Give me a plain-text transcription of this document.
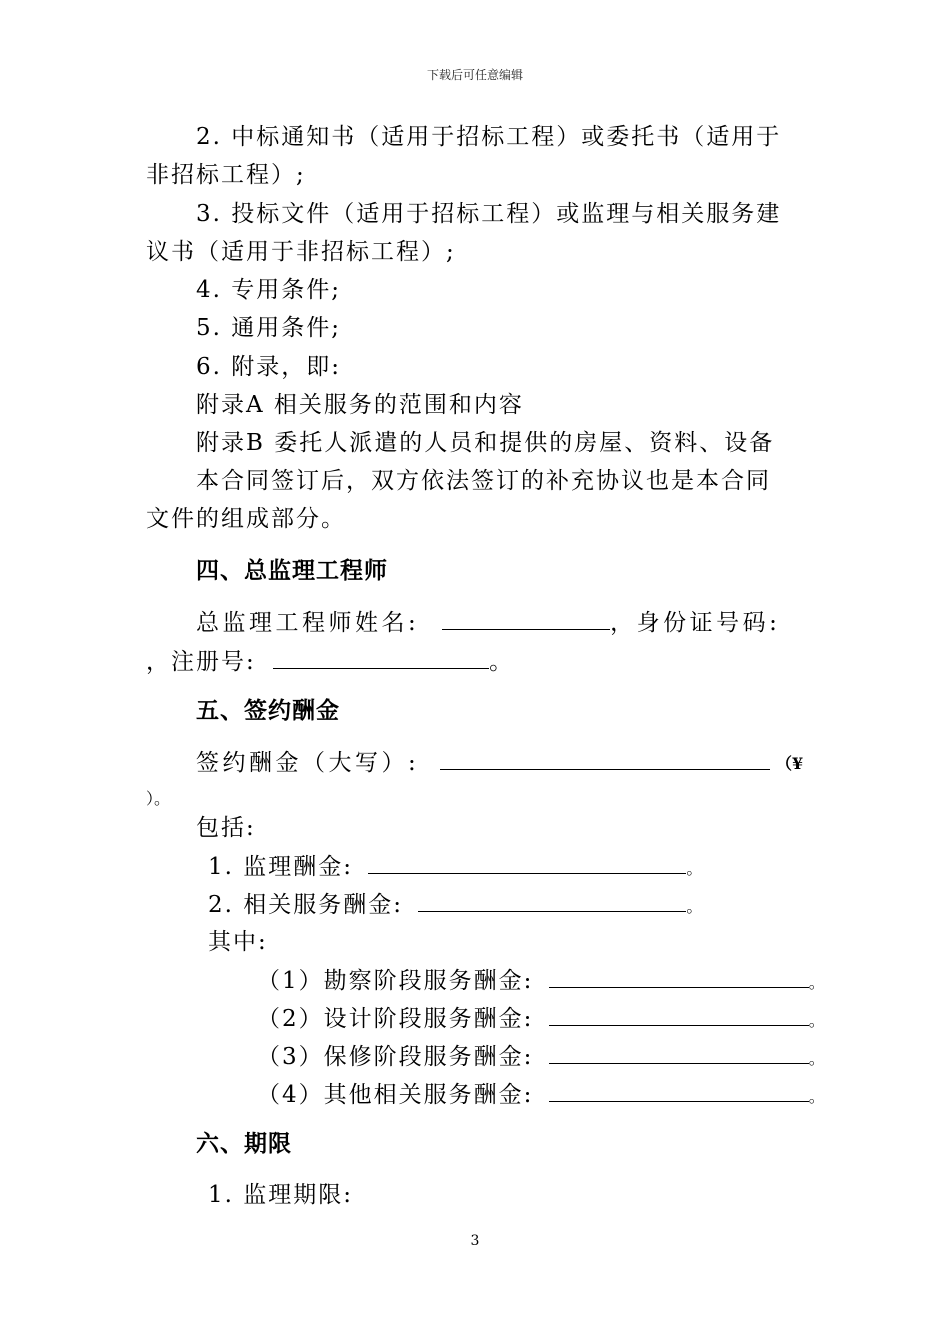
下载后可任意编辑
2. 中标通知书（适用于招标工程）或委托书（适用于
非招标工程）;
3. 投标文件（适用于招标工程）或监理与相关服务建
议书（适用于非招标工程）;
4. 专用条件;
5. 通用条件;
6. 附录，即:
附录A 相关服务的范围和内容
附录B 委托人派遣的人员和提供的房屋、资料、设备
本合同签订后，双方依法签订的补充协议也是本合同
文件的组成部分。
四、总监理工程师
总监理工程师姓名:	，身份证号码:
，注册号:	。
五、签约酬金
签约酬金（大写）:	（¥
）。
包括:
1. 监理酬金:	。
2. 相关服务酬金:	。
其中:
（1）勘察阶段服务酬金:	。
（2）设计阶段服务酬金:	。
（3）保修阶段服务酬金:	。
（4）其他相关服务酬金:	。
六、期限
1. 监理期限:
3
